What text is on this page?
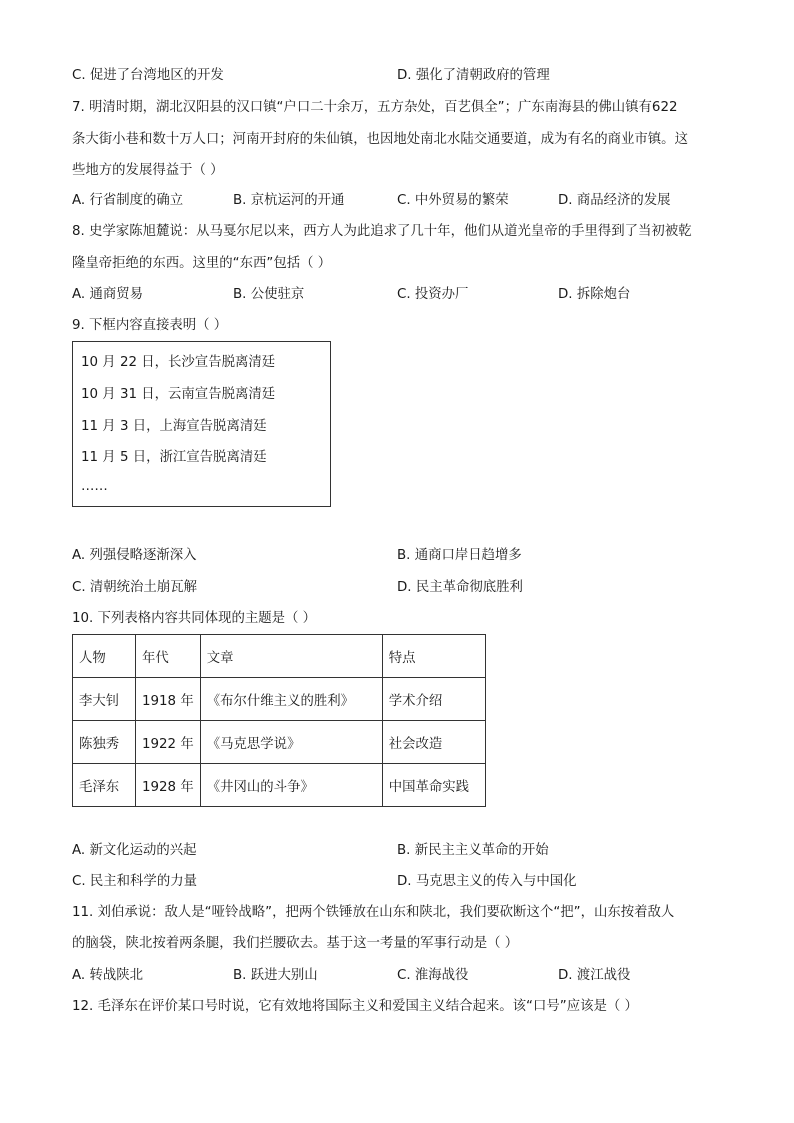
C. 促进了台湾地区的开发	D. 强化了清朝政府的管理
7. 明清时期，湖北汉阳县的汉口镇“户口二十余万，五方杂处，百艺俱全”；广东南海县的佛山镇有622
条大街小巷和数十万人口；河南开封府的朱仙镇，也因地处南北水陆交通要道，成为有名的商业市镇。这
些地方的发展得益于（ ）
A. 行省制度的确立	B. 京杭运河的开通	C. 中外贸易的繁荣	D. 商品经济的发展
8. 史学家陈旭麓说：从马戛尔尼以来，西方人为此追求了几十年，他们从道光皇帝的手里得到了当初被乾
隆皇帝拒绝的东西。这里的“东西”包括（ ）
A. 通商贸易	B. 公使驻京	C. 投资办厂	D. 拆除炮台
9. 下框内容直接表明（ ）
10 月 22 日，长沙宣告脱离清廷
10 月 31 日，云南宣告脱离清廷
11 月 3 日，上海宣告脱离清廷
11 月 5 日，浙江宣告脱离清廷
……
A. 列强侵略逐渐深入	B. 通商口岸日趋增多
C. 清朝统治土崩瓦解	D. 民主革命彻底胜利
10. 下列表格内容共同体现的主题是（ ）
人物	年代	文章	特点
李大钊	1918 年	《布尔什维主义的胜利》	学术介绍
陈独秀	1922 年	《马克思学说》	社会改造
毛泽东	1928 年	《井冈山的斗争》	中国革命实践
A. 新文化运动的兴起	B. 新民主主义革命的开始
C. 民主和科学的力量	D. 马克思主义的传入与中国化
11. 刘伯承说：敌人是“哑铃战略”，把两个铁锤放在山东和陕北，我们要砍断这个“把”，山东按着敌人
的脑袋，陕北按着两条腿，我们拦腰砍去。基于这一考量的军事行动是（ ）
A. 转战陕北	B. 跃进大别山	C. 淮海战役	D. 渡江战役
12. 毛泽东在评价某口号时说，它有效地将国际主义和爱国主义结合起来。该“口号”应该是（ ）
